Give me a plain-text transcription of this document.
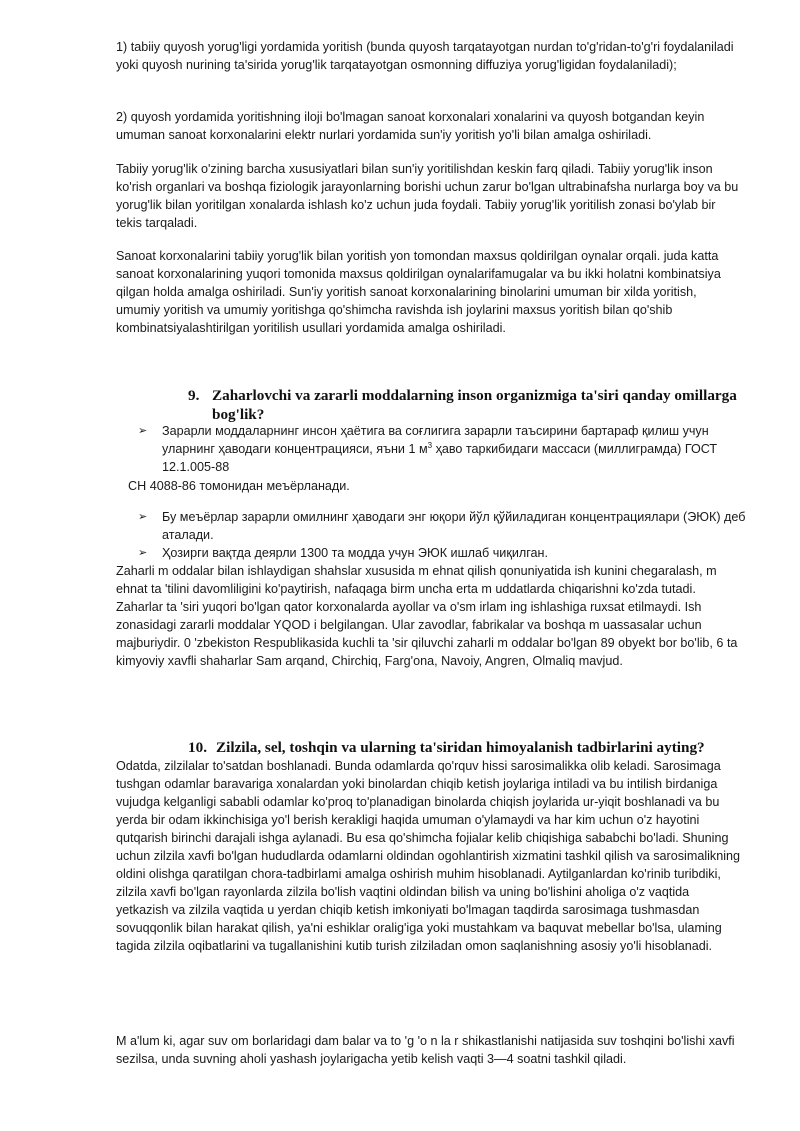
1) tabiiy quyosh yorug'ligi yordamida yoritish (bunda quyosh tarqatayotgan nurdan to'g'ridan-to'g'ri foydalaniladi yoki quyosh nurining ta'sirida yorug'lik tarqatayotgan osmonning diffuziya yorug'ligidan foydalaniladi);

2) quyosh yordamida yoritishning iloji bo'lmagan sanoat korxonalari xonalarini va quyosh botgandan keyin umuman sanoat korxonalarini elektr nurlari yordamida sun'iy yoritish yo'li bilan amalga oshiriladi.

Tabiiy yorug'lik o'zining barcha xususiyatlari bilan sun'iy yoritilishdan keskin farq qiladi. Tabiiy yorug'lik inson ko'rish organlari va boshqa fiziologik jarayonlarning borishi uchun zarur bo'lgan ultrabinafsha nurlarga boy va bu yorug'lik bilan yoritilgan xonalarda ishlash ko'z uchun juda foydali. Tabiiy yorug'lik yoritilish zonasi bo'ylab bir tekis tarqaladi.

Sanoat korxonalarini tabiiy yorug'lik bilan yoritish yon tomondan maxsus qoldirilgan oynalar orqali. juda katta sanoat korxonalarining yuqori tomonida maxsus qoldirilgan oynalarifamugalar va bu ikki holatni kombinatsiya qilgan holda amalga oshiriladi. Sun'iy yoritish sanoat korxonalarining binolarini umuman bir xilda yoritish, umumiy yoritish va umumiy yoritishga qo'shimcha ravishda ish joylarini maxsus yoritish bilan qo'shib kombinatsiyalashtirilgan yoritilish usullari yordamida amalga oshiriladi.

9. Zaharlovchi va zararli moddalarning inson organizmiga ta'siri qanday omillarga bog'lik?
➢	Зарарли моддаларнинг инсон ҳаётига ва соғлигига зарарли таъсирини бартараф қилиш учун уларнинг ҳаводаги концентрацияси, яъни 1 $м^3$ ҳаво таркибидаги массаси (миллиграмда) ГОСТ 12.1.005-88

СН 4088-86 томонидан меъёрланади.

➢	Бу меъёрлар зарарли омилнинг ҳаводаги энг юқори йўл қўйиладиган концентрациялари (ЭЮК) деб аталади.
➢	Ҳозирги вақтда деярли 1300 та модда учун ЭЮК ишлаб чиқилган.

Zaharli m oddalar bilan ishlaydigan shahslar xususida m ehnat qilish qonuniyatida ish kunini chegaralash, m ehnat ta 'tilini davomliligini ko'paytirish, nafaqaga birm uncha erta m uddatlarda chiqarishni ko'zda tutadi. Zaharlar ta 'siri yuqori bo'lgan qator korxonalarda ayollar va o'sm irlam ing ishlashiga ruxsat etilmaydi. Ish zonasidagi zararli moddalar YQOD i belgilangan. Ular zavodlar, fabrikalar va boshqa m uassasalar uchun majburiydir. 0 'zbekiston Respublikasida kuchli ta 'sir qiluvchi zaharli m oddalar bo'lgan 89 obyekt bor bo'lib, 6 ta kimyoviy xavfli shaharlar Sam arqand, Chirchiq, Farg'ona, Navoiy, Angren, Olmaliq mavjud.

10. Zilzila, sel, toshqin va ularning ta'siridan himoyalanish tadbirlarini ayting?

Odatda, zilzilalar to'satdan boshlanadi. Bunda odamlarda qo'rquv hissi sarosimalikka olib keladi. Sarosimaga tushgan odamlar baravariga xonalardan yoki binolardan chiqib ketish joylariga intiladi va bu intilish birdaniga vujudga kelganligi sababli odamlar ko'proq to'planadigan binolarda chiqish joylarida ur-yiqit boshlanadi va bu yerda bir odam ikkinchisiga yo'l berish kerakligi haqida umuman o'ylamaydi va har kim uchun o'z hayotini qutqarish birinchi darajali ishga aylanadi. Bu esa qo'shimcha fojialar kelib chiqishiga sababchi bo'ladi. Shuning uchun zilzila xavfi bo'lgan hududlarda odamlarni oldindan ogohlantirish xizmatini tashkil qilish va sarosimalikning oldini olishga qaratilgan chora-tadbirlami amalga oshirish muhim hisoblanadi. Aytilganlardan ko'rinib turibdiki, zilzila xavfi bo'lgan rayonlarda zilzila bo'lish vaqtini oldindan bilish va uning bo'lishini aholiga o'z vaqtida yetkazish va zilzila vaqtida u yerdan chiqib ketish imkoniyati bo'lmagan taqdirda sarosimaga tushmasdan sovuqqonlik bilan harakat qilish, ya'ni eshiklar oralig'iga yoki mustahkam va baquvat mebellar bo'lsa, ulaming tagida zilzila oqibatlarini va tugallanishini kutib turish zilziladan omon saqlanishning asosiy yo'li hisoblanadi.

M a'lum ki, agar suv om borlaridagi dam balar va to 'g 'o n la r shikastlanishi natijasida suv toshqini bo'lishi xavfi sezilsa, unda suvning aholi yashash joylarigacha yetib kelish vaqti 3—4 soatni tashkil qiladi.
